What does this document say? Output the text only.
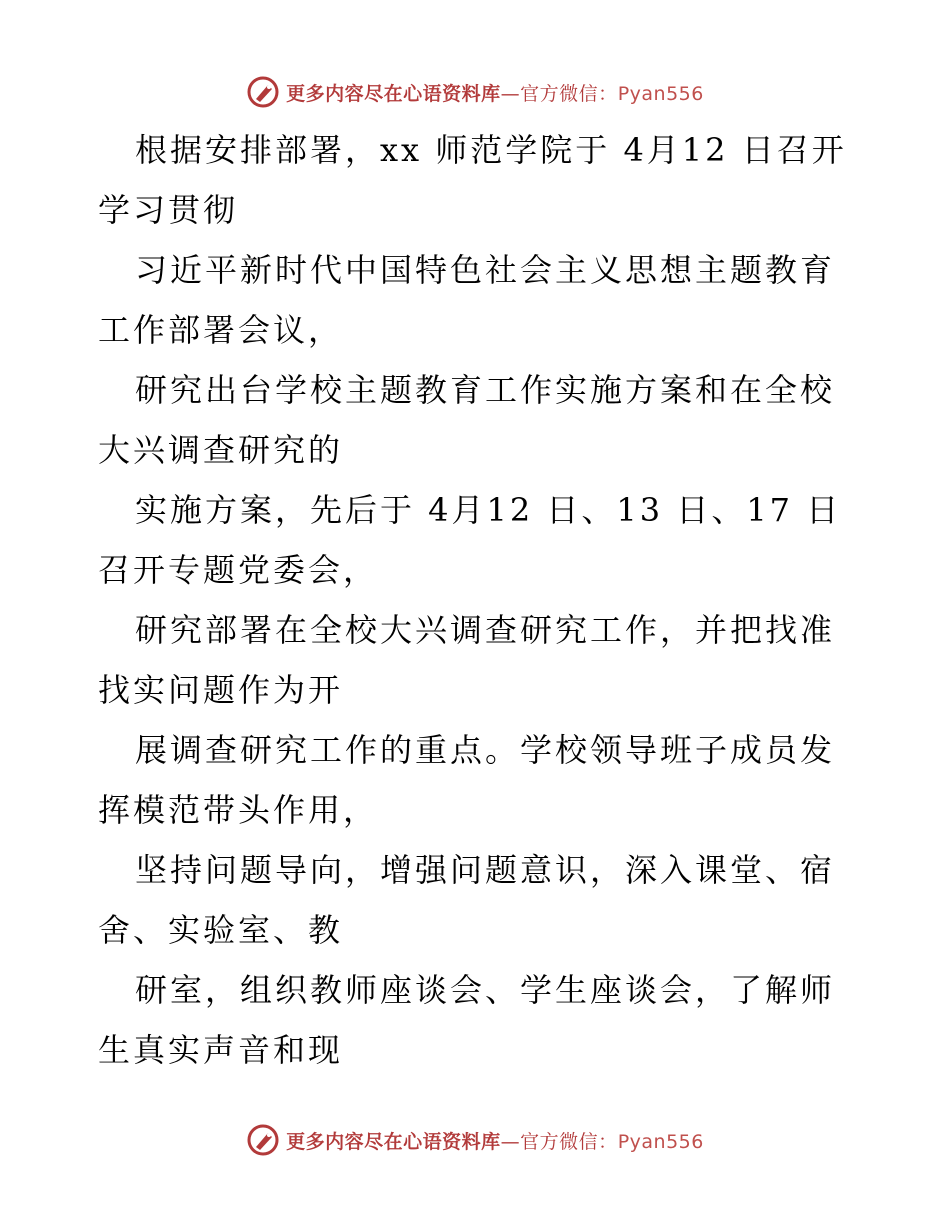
更多内容尽在心语资料库—官方微信：Pyan556

根据安排部署，xx 师范学院于 4月12 日召开学习贯彻

习近平新时代中国特色社会主义思想主题教育工作部署会议，

研究出台学校主题教育工作实施方案和在全校大兴调查研究的

实施方案，先后于 4月12 日、13 日、17 日召开专题党委会，

研究部署在全校大兴调查研究工作，并把找准找实问题作为开

展调查研究工作的重点。学校领导班子成员发挥模范带头作用，

坚持问题导向，增强问题意识，深入课堂、宿舍、实验室、教

研室，组织教师座谈会、学生座谈会，了解师生真实声音和现

更多内容尽在心语资料库—官方微信：Pyan556
